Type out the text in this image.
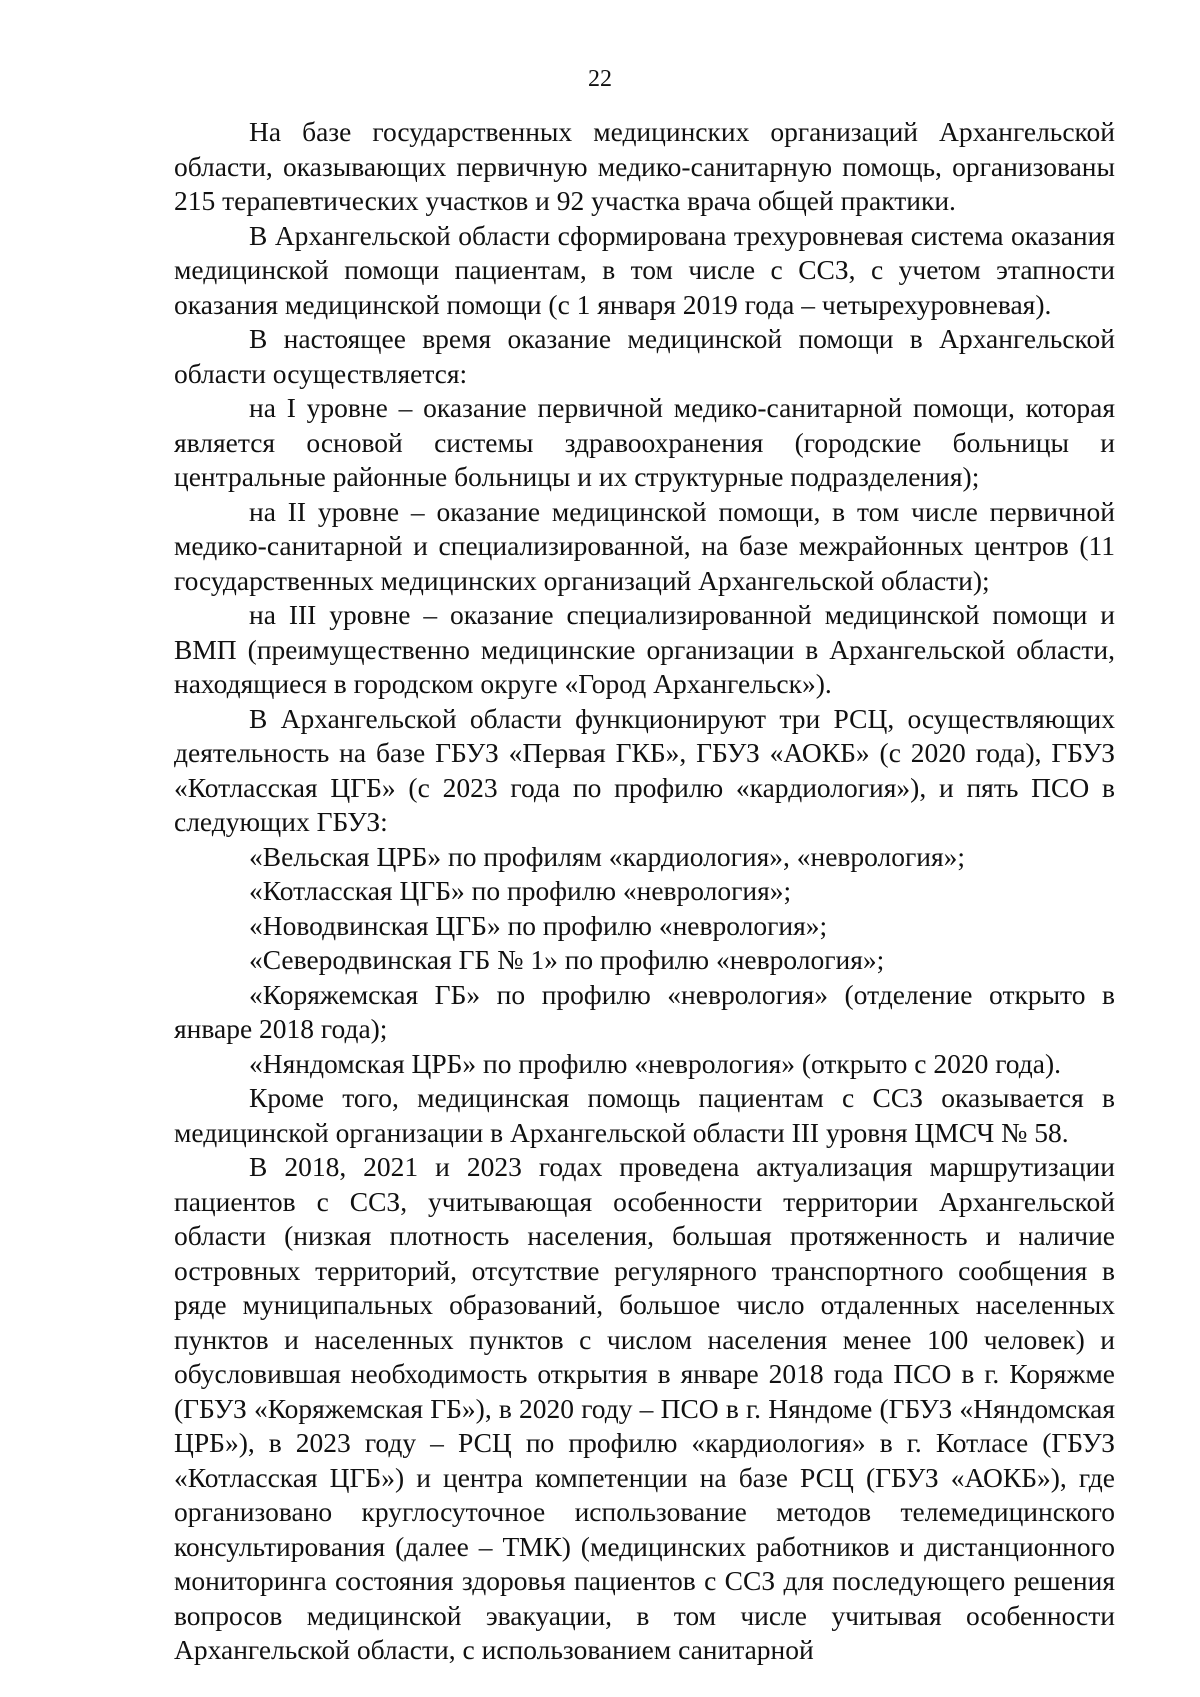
22

На базе государственных медицинских организаций Архангельской области, оказывающих первичную медико-санитарную помощь, организованы 215 терапевтических участков и 92 участка врача общей практики.

В Архангельской области сформирована трехуровневая система оказания медицинской помощи пациентам, в том числе с ССЗ, с учетом этапности оказания медицинской помощи (с 1 января 2019 года – четырехуровневая).

В настоящее время оказание медицинской помощи в Архангельской области осуществляется:

на I уровне – оказание первичной медико-санитарной помощи, которая является основой системы здравоохранения (городские больницы и центральные районные больницы и их структурные подразделения);

на II уровне – оказание медицинской помощи, в том числе первичной медико-санитарной и специализированной, на базе межрайонных центров (11 государственных медицинских организаций Архангельской области);

на III уровне – оказание специализированной медицинской помощи и ВМП (преимущественно медицинские организации в Архангельской области, находящиеся в городском округе «Город Архангельск»).

В Архангельской области функционируют три РСЦ, осуществляющих деятельность на базе ГБУЗ «Первая ГКБ», ГБУЗ «АОКБ» (с 2020 года), ГБУЗ «Котласская ЦГБ» (с 2023 года по профилю «кардиология»), и пять ПСО в следующих ГБУЗ:

«Вельская ЦРБ» по профилям «кардиология», «неврология»;

«Котласская ЦГБ» по профилю «неврология»;

«Новодвинская ЦГБ» по профилю «неврология»;

«Северодвинская ГБ № 1» по профилю «неврология»;

«Коряжемская ГБ» по профилю «неврология» (отделение открыто в январе 2018 года);

«Няндомская ЦРБ» по профилю «неврология» (открыто с 2020 года).

Кроме того, медицинская помощь пациентам с ССЗ оказывается в медицинской организации в Архангельской области III уровня ЦМСЧ № 58.

В 2018, 2021 и 2023 годах проведена актуализация маршрутизации пациентов с ССЗ, учитывающая особенности территории Архангельской области (низкая плотность населения, большая протяженность и наличие островных территорий, отсутствие регулярного транспортного сообщения в ряде муниципальных образований, большое число отдаленных населенных пунктов и населенных пунктов с числом населения менее 100 человек) и обусловившая необходимость открытия в январе 2018 года ПСО в г. Коряжме (ГБУЗ «Коряжемская ГБ»), в 2020 году – ПСО в г. Няндоме (ГБУЗ «Няндомская ЦРБ»), в 2023 году – РСЦ по профилю «кардиология» в г. Котласе (ГБУЗ «Котласская ЦГБ») и центра компетенции на базе РСЦ (ГБУЗ «АОКБ»), где организовано круглосуточное использование методов телемедицинского консультирования (далее – ТМК) (медицинских работников и дистанционного мониторинга состояния здоровья пациентов с ССЗ для последующего решения вопросов медицинской эвакуации, в том числе учитывая особенности Архангельской области, с использованием санитарной
